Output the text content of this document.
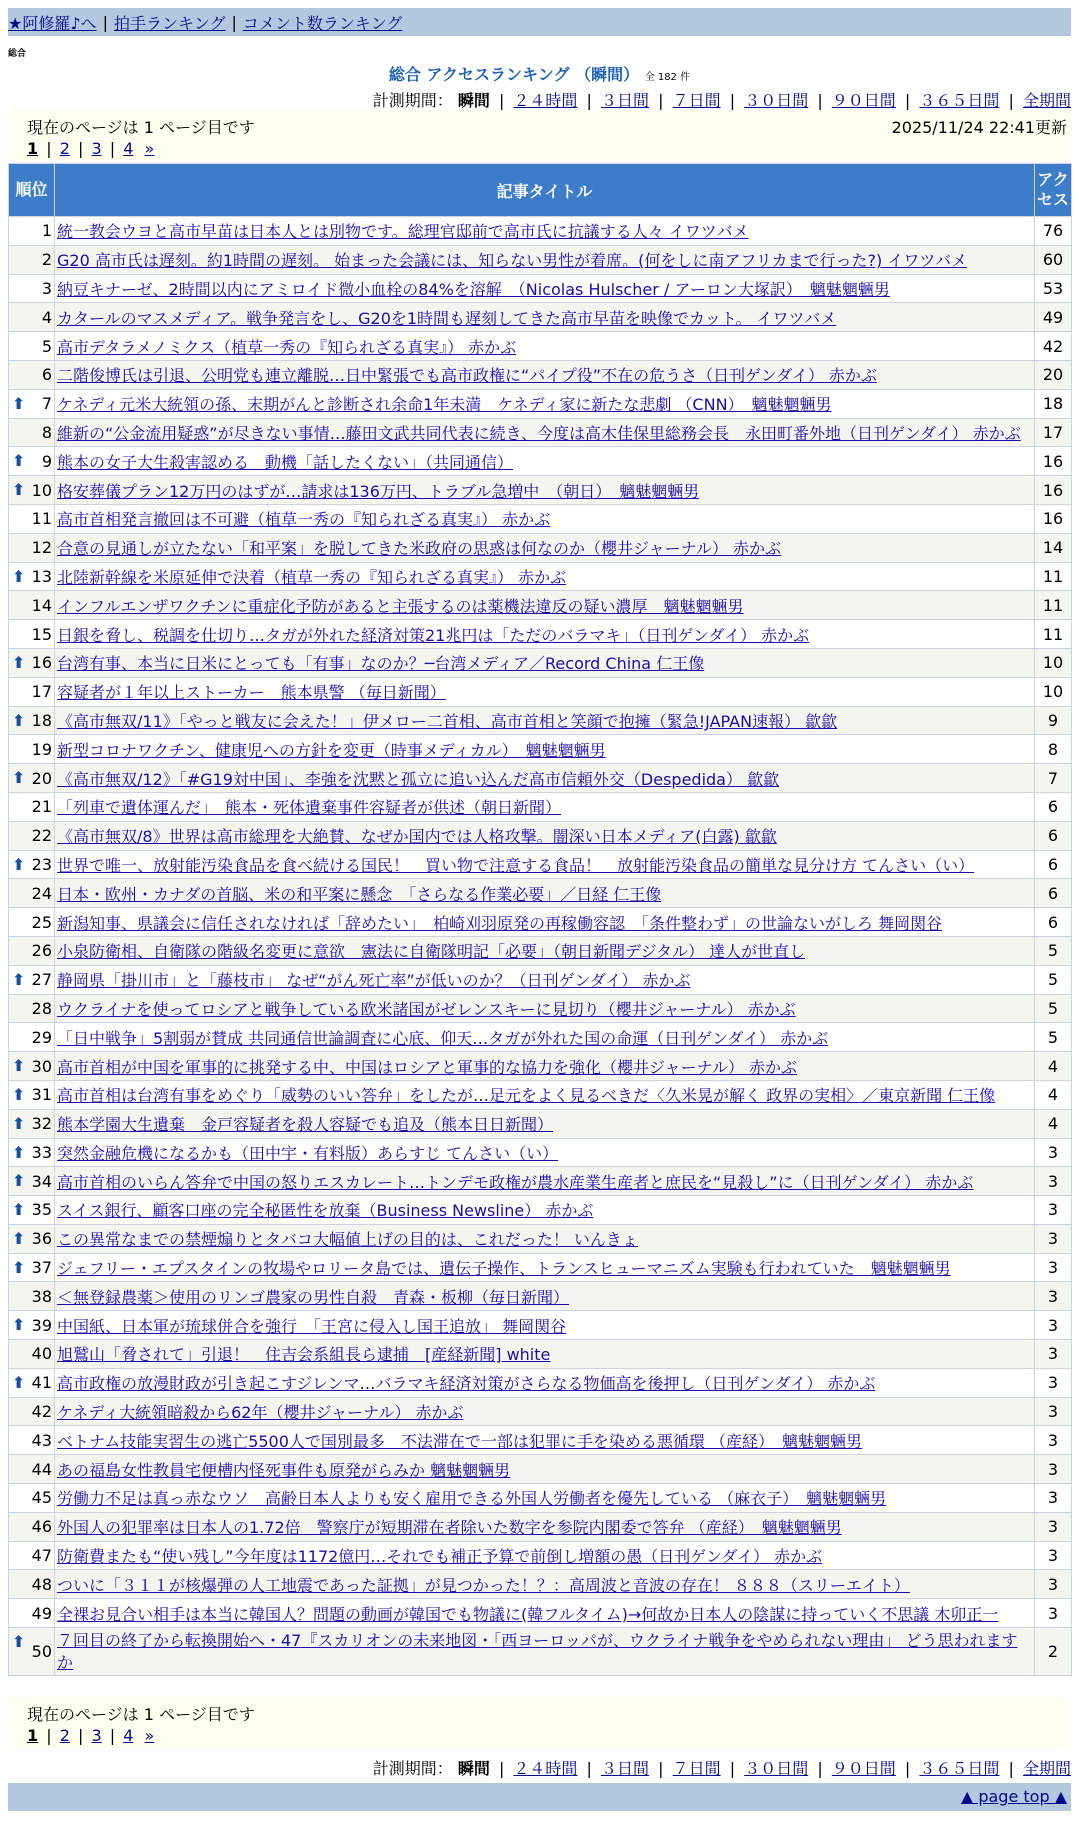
★阿修羅♪へ | 拍手ランキング | コメント数ランキング
総合
総合 アクセスランキング （瞬間） 全 182 件
計測期間： 瞬間 | ２４時間 | ３日間 | ７日間 | ３０日間 | ９０日間 | ３６５日間 | 全期間
現在のページは 1 ページ目です	2025/11/24 22:41更新
1 | 2 | 3 | 4 »
順位	記事タイトル	アクセス
1	統一教会ウヨと高市早苗は日本人とは別物です。総理官邸前で高市氏に抗議する人々 イワツバメ	76
2	G20 高市氏は遅刻。約1時間の遅刻。 始まった会議には、知らない男性が着席。(何をしに南アフリカまで行った?) イワツバメ	60
3	納豆キナーゼ、2時間以内にアミロイド微小血栓の84%を溶解　（Nicolas Hulscher / アーロン大塚訳）　魑魅魍魎男	53
4	カタールのマスメディア。戦争発言をし、G20を1時間も遅刻してきた高市早苗を映像でカット。 イワツバメ	49
5	高市デタラメノミクス（植草一秀の『知られざる真実』） 赤かぶ	42
6	二階俊博氏は引退、公明党も連立離脱…日中緊張でも高市政権に“パイプ役”不在の危うさ（日刊ゲンダイ） 赤かぶ	20

⬆ 7	ケネディ元米大統領の孫、末期がんと診断され余命1年未満　ケネディ家に新たな悲劇 （CNN）　魑魅魍魎男	18
8	維新の“公金流用疑惑”が尽きない事情…藤田文武共同代表に続き、今度は高木佳保里総務会長　永田町番外地（日刊ゲンダイ） 赤かぶ	17

⬆ 9	熊本の女子大生殺害認める　動機「話したくない」（共同通信）	16

⬆ 10	格安葬儀プラン12万円のはずが…請求は136万円、トラブル急増中　（朝日）　魑魅魍魎男	16
11	高市首相発言撤回は不可避（植草一秀の『知られざる真実』） 赤かぶ	16
12	合意の見通しが立たない「和平案」を脱してきた米政府の思惑は何なのか（櫻井ジャーナル） 赤かぶ	14

⬆ 13	北陸新幹線を米原延伸で決着（植草一秀の『知られざる真実』） 赤かぶ	11
14	インフルエンザワクチンに重症化予防があると主張するのは薬機法違反の疑い濃厚　魑魅魍魎男	11
15	日銀を脅し、税調を仕切り…タガが外れた経済対策21兆円は「ただのバラマキ」（日刊ゲンダイ） 赤かぶ	11

⬆ 16	台湾有事、本当に日米にとっても「有事」なのか？─台湾メディア／Record China 仁王像	10
17	容疑者が１年以上ストーカー　熊本県警 （毎日新聞）	10

⬆ 18	《高市無双/11》「やっと戦友に会えた！」伊メロー二首相、高市首相と笑顔で抱擁（緊急!JAPAN速報） 歙歙	9
19	新型コロナワクチン、健康児への方針を変更（時事メディカル）　魑魅魍魎男	8

⬆ 20	《高市無双/12》「#G19対中国」、李強を沈黙と孤立に追い込んだ高市信頼外交（Despedida） 歙歙	7
21	「列車で遺体運んだ」　熊本・死体遺棄事件容疑者が供述（朝日新聞）	6
22	《高市無双/8》世界は高市総理を大絶賛、なぜか国内では人格攻撃。闇深い日本メディア(白露) 歙歙	6

⬆ 23	世界で唯一、放射能汚染食品を食べ続ける国民！　買い物で注意する食品！　放射能汚染食品の簡単な見分け方 てんさい（い）	6
24	日本・欧州・カナダの首脳、米の和平案に懸念　「さらなる作業必要」／日経 仁王像	6
25	新潟知事、県議会に信任されなければ「辞めたい」　柏崎刈羽原発の再稼働容認　「条件整わず」の世論ないがしろ 舞岡関谷	6
26	小泉防衛相、自衛隊の階級名変更に意欲　憲法に自衛隊明記「必要」（朝日新聞デジタル） 達人が世直し	5

⬆ 27	静岡県「掛川市」と「藤枝市」 なぜ“がん死亡率”が低いのか？（日刊ゲンダイ） 赤かぶ	5
28	ウクライナを使ってロシアと戦争している欧米諸国がゼレンスキーに見切り（櫻井ジャーナル） 赤かぶ	5
29	「日中戦争」5割弱が賛成 共同通信世論調査に心底、仰天…タガが外れた国の命運（日刊ゲンダイ） 赤かぶ	5

⬆ 30	高市首相が中国を軍事的に挑発する中、中国はロシアと軍事的な協力を強化（櫻井ジャーナル） 赤かぶ	4

⬆ 31	高市首相は台湾有事をめぐり「威勢のいい答弁」をしたが…足元をよく見るべきだ〈久米晃が解く 政界の実相〉／東京新聞 仁王像	4

⬆ 32	熊本学園大生遺棄　金戸容疑者を殺人容疑でも追及（熊本日日新聞）	4

⬆ 33	突然金融危機になるかも（田中宇・有料版）あらすじ てんさい（い）	3

⬆ 34	高市首相のいらん答弁で中国の怒りエスカレート…トンデモ政権が農水産業生産者と庶民を“見殺し”に（日刊ゲンダイ） 赤かぶ	3

⬆ 35	スイス銀行、顧客口座の完全秘匿性を放棄（Business Newsline） 赤かぶ	3

⬆ 36	この異常なまでの禁煙煽りとタバコ大幅値上げの目的は、これだった！ いんきょ	3

⬆ 37	ジェフリー・エプスタインの牧場やロリータ島では、遺伝子操作、トランスヒューマニズム実験も行われていた　魑魅魍魎男	3
38	＜無登録農薬＞使用のリンゴ農家の男性自殺　青森・板柳（毎日新聞）	3

⬆ 39	中国紙、日本軍が琉球併合を強行　「王宮に侵入し国王追放」 舞岡関谷	3
40	旭鷲山「脅されて」引退！　住吉会系組長ら逮捕　[産経新聞] white	3

⬆ 41	高市政権の放漫財政が引き起こすジレンマ…バラマキ経済対策がさらなる物価高を後押し（日刊ゲンダイ） 赤かぶ	3
42	ケネディ大統領暗殺から62年（櫻井ジャーナル） 赤かぶ	3
43	ベトナム技能実習生の逃亡5500人で国別最多　不法滞在で一部は犯罪に手を染める悪循環 （産経）　魑魅魍魎男	3
44	あの福島女性教員宅便槽内怪死事件も原発がらみか 魑魅魍魎男	3
45	労働力不足は真っ赤なウソ　高齢日本人よりも安く雇用できる外国人労働者を優先している （麻衣子）　魑魅魍魎男	3
46	外国人の犯罪率は日本人の1.72倍　警察庁が短期滞在者除いた数字を参院内閣委で答弁 （産経）　魑魅魍魎男	3
47	防衛費またも“使い残し”今年度は1172億円…それでも補正予算で前倒し増額の愚（日刊ゲンダイ） 赤かぶ	3
48	ついに「３１１が核爆弾の人工地震であった証拠」が見つかった！？：高周波と音波の存在！ ８８８（スリーエイト）	3
49	全裸お見合い相手は本当に韓国人？問題の動画が韓国でも物議に(韓フルタイム)→何故か日本人の陰謀に持っていく不思議 木卯正一	3

⬆
50	７回目の終了から転換開始へ・47『スカリオンの未来地図・「西ヨーロッパが、ウクライナ戦争をやめられない理由」 どう思われますか	2
現在のページは 1 ページ目です
1 | 2 | 3 | 4 »
計測期間： 瞬間 | ２４時間 | ３日間 | ７日間 | ３０日間 | ９０日間 | ３６５日間 | 全期間
▲ page top ▲
